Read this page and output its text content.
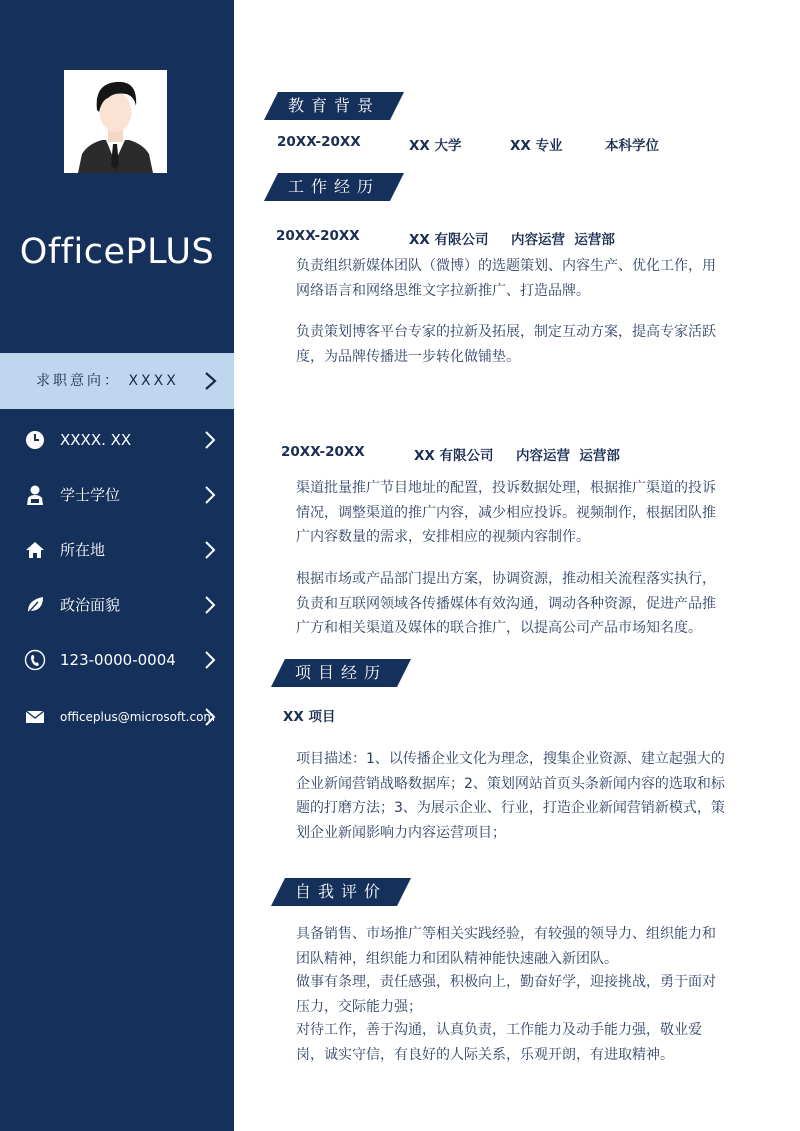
OfficePLUS
求职意向： XXXX
XXXX. XX
学士学位
所在地
政治面貌
123-0000-0004
officeplus@microsoft.com
教育背景
20XX-20XX	XX 大学	XX 专业	本科学位
工作经历
20XX-20XX	XX 有限公司 内容运营  运营部
负责组织新媒体团队（微博）的选题策划、内容生产、优化工作，用网络语言和网络思维文字拉新推广、打造品牌。
负责策划博客平台专家的拉新及拓展，制定互动方案，提高专家活跃度，为品牌传播进一步转化做铺垫。
20XX-20XX	XX 有限公司 内容运营  运营部
渠道批量推广节目地址的配置，投诉数据处理，根据推广渠道的投诉情况，调整渠道的推广内容，减少相应投诉。视频制作，根据团队推广内容数量的需求，安排相应的视频内容制作。
根据市场或产品部门提出方案，协调资源，推动相关流程落实执行，负责和互联网领域各传播媒体有效沟通，调动各种资源，促进产品推广方和相关渠道及媒体的联合推广，以提高公司产品市场知名度。
项目经历
XX 项目
项目描述：1、以传播企业文化为理念，搜集企业资源、建立起强大的企业新闻营销战略数据库；2、策划网站首页头条新闻内容的选取和标题的打磨方法；3、为展示企业、行业，打造企业新闻营销新模式，策划企业新闻影响力内容运营项目；
自我评价
具备销售、市场推广等相关实践经验，有较强的领导力、组织能力和团队精神，组织能力和团队精神能快速融入新团队。
做事有条理，责任感强，积极向上，勤奋好学，迎接挑战，勇于面对压力，交际能力强；
对待工作，善于沟通，认真负责，工作能力及动手能力强，敬业爱岗，诚实守信，有良好的人际关系，乐观开朗，有进取精神。
